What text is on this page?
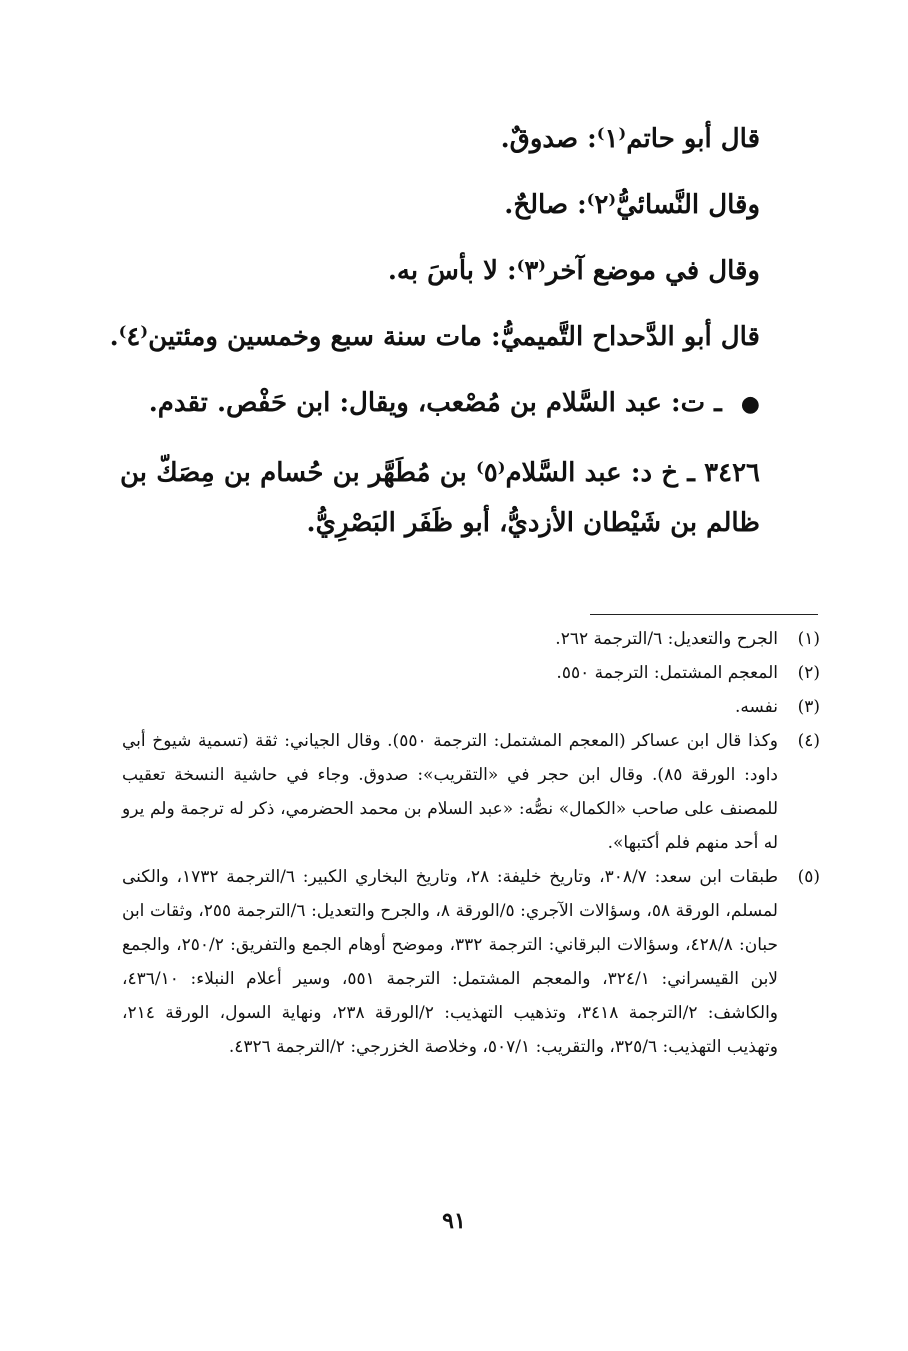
قال أبو حاتم⁽١⁾: صدوقٌ.
وقال النَّسائيُّ⁽٢⁾: صالحٌ.
وقال في موضع آخر⁽٣⁾: لا بأسَ به.
قال أبو الدَّحداح التَّميميُّ: مات سنة سبع وخمسين ومئتين⁽٤⁾.
● ـ ت: عبد السَّلام بن مُصْعب، ويقال: ابن حَفْص. تقدم.
٣٤٢٦ ـ خ د: عبد السَّلام⁽٥⁾ بن مُطَهَّر بن حُسام بن مِصَكّ بن ظالم بن شَيْطان الأزديُّ، أبو ظَفَر البَصْرِيُّ.
(١)
الجرح والتعديل: ٦/الترجمة ٢٦٢.
(٢)
المعجم المشتمل: الترجمة ٥٥٠.
(٣)
نفسه.
(٤)
وكذا قال ابن عساكر (المعجم المشتمل: الترجمة ٥٥٠). وقال الجياني: ثقة (تسمية شيوخ أبي داود: الورقة ٨٥). وقال ابن حجر في «التقريب»: صدوق. وجاء في حاشية النسخة تعقيب للمصنف على صاحب «الكمال» نصُّه: «عبد السلام بن محمد الحضرمي، ذكر له ترجمة ولم يرو له أحد منهم فلم أكتبها».
(٥)
طبقات ابن سعد: ٣٠٨/٧، وتاريخ خليفة: ٢٨، وتاريخ البخاري الكبير: ٦/الترجمة ١٧٣٢، والكنى لمسلم، الورقة ٥٨، وسؤالات الآجري: ٥/الورقة ٨، والجرح والتعديل: ٦/الترجمة ٢٥٥، وثقات ابن حبان: ٤٢٨/٨، وسؤالات البرقاني: الترجمة ٣٣٢، وموضح أوهام الجمع والتفريق: ٢٥٠/٢، والجمع لابن القيسراني: ٣٢٤/١، والمعجم المشتمل: الترجمة ٥٥١، وسير أعلام النبلاء: ٤٣٦/١٠، والكاشف: ٢/الترجمة ٣٤١٨، وتذهيب التهذيب: ٢/الورقة ٢٣٨، ونهاية السول، الورقة ٢١٤، وتهذيب التهذيب: ٣٢٥/٦، والتقريب: ٥٠٧/١، وخلاصة الخزرجي: ٢/الترجمة ٤٣٢٦.
٩١
